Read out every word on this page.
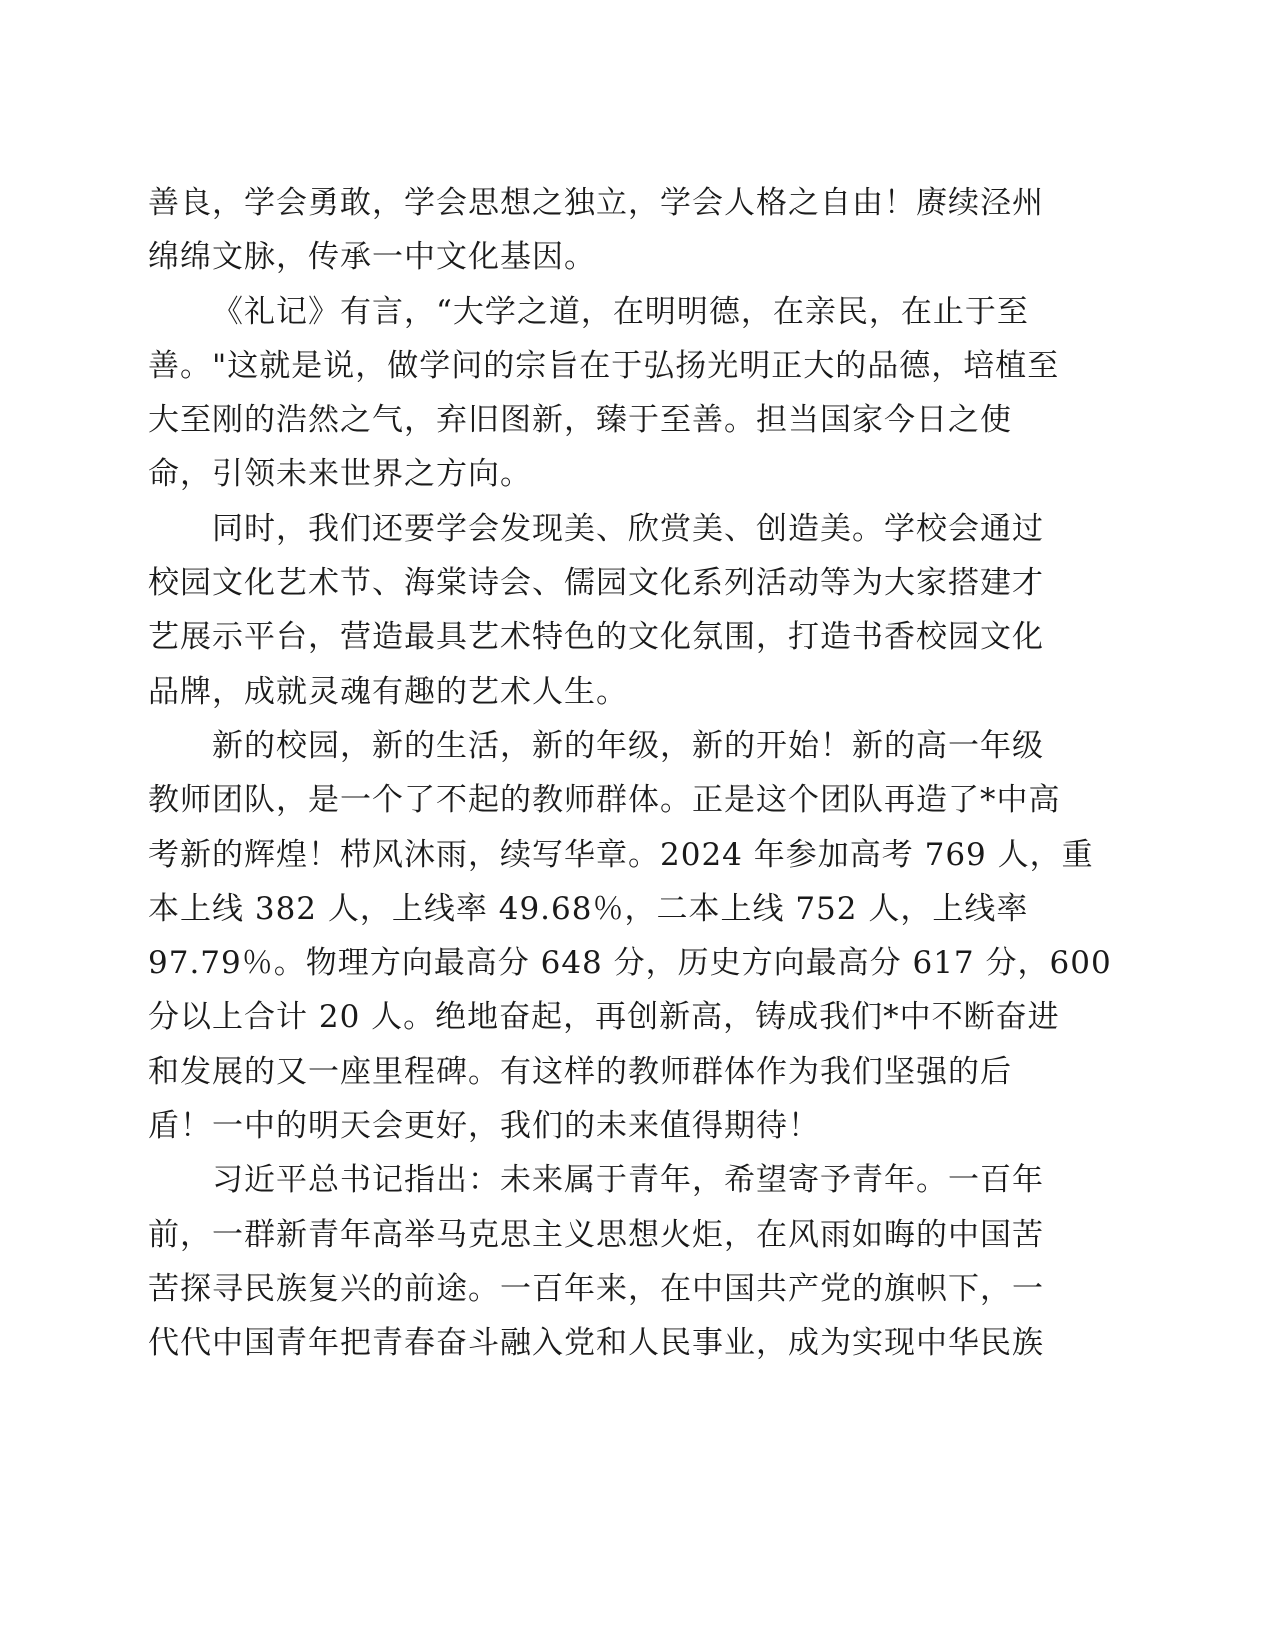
善良，学会勇敢，学会思想之独立，学会人格之自由！赓续泾州
绵绵文脉，传承一中文化基因。
《礼记》有言，“大学之道，在明明德，在亲民，在止于至
善。"这就是说，做学问的宗旨在于弘扬光明正大的品德，培植至
大至刚的浩然之气，弃旧图新，臻于至善。担当国家今日之使
命，引领未来世界之方向。
同时，我们还要学会发现美、欣赏美、创造美。学校会通过
校园文化艺术节、海棠诗会、儒园文化系列活动等为大家搭建才
艺展示平台，营造最具艺术特色的文化氛围，打造书香校园文化
品牌，成就灵魂有趣的艺术人生。
新的校园，新的生活，新的年级，新的开始！新的高一年级
教师团队，是一个了不起的教师群体。正是这个团队再造了*中高
考新的辉煌！栉风沐雨，续写华章。2024 年参加高考 769 人，重
本上线 382 人，上线率 49.68％，二本上线 752 人，上线率
97.79％。物理方向最高分 648 分，历史方向最高分 617 分，600
分以上合计 20 人。绝地奋起，再创新高，铸成我们*中不断奋进
和发展的又一座里程碑。有这样的教师群体作为我们坚强的后
盾！一中的明天会更好，我们的未来值得期待！
习近平总书记指出：未来属于青年，希望寄予青年。一百年
前，一群新青年高举马克思主义思想火炬，在风雨如晦的中国苦
苦探寻民族复兴的前途。一百年来，在中国共产党的旗帜下，一
代代中国青年把青春奋斗融入党和人民事业，成为实现中华民族
